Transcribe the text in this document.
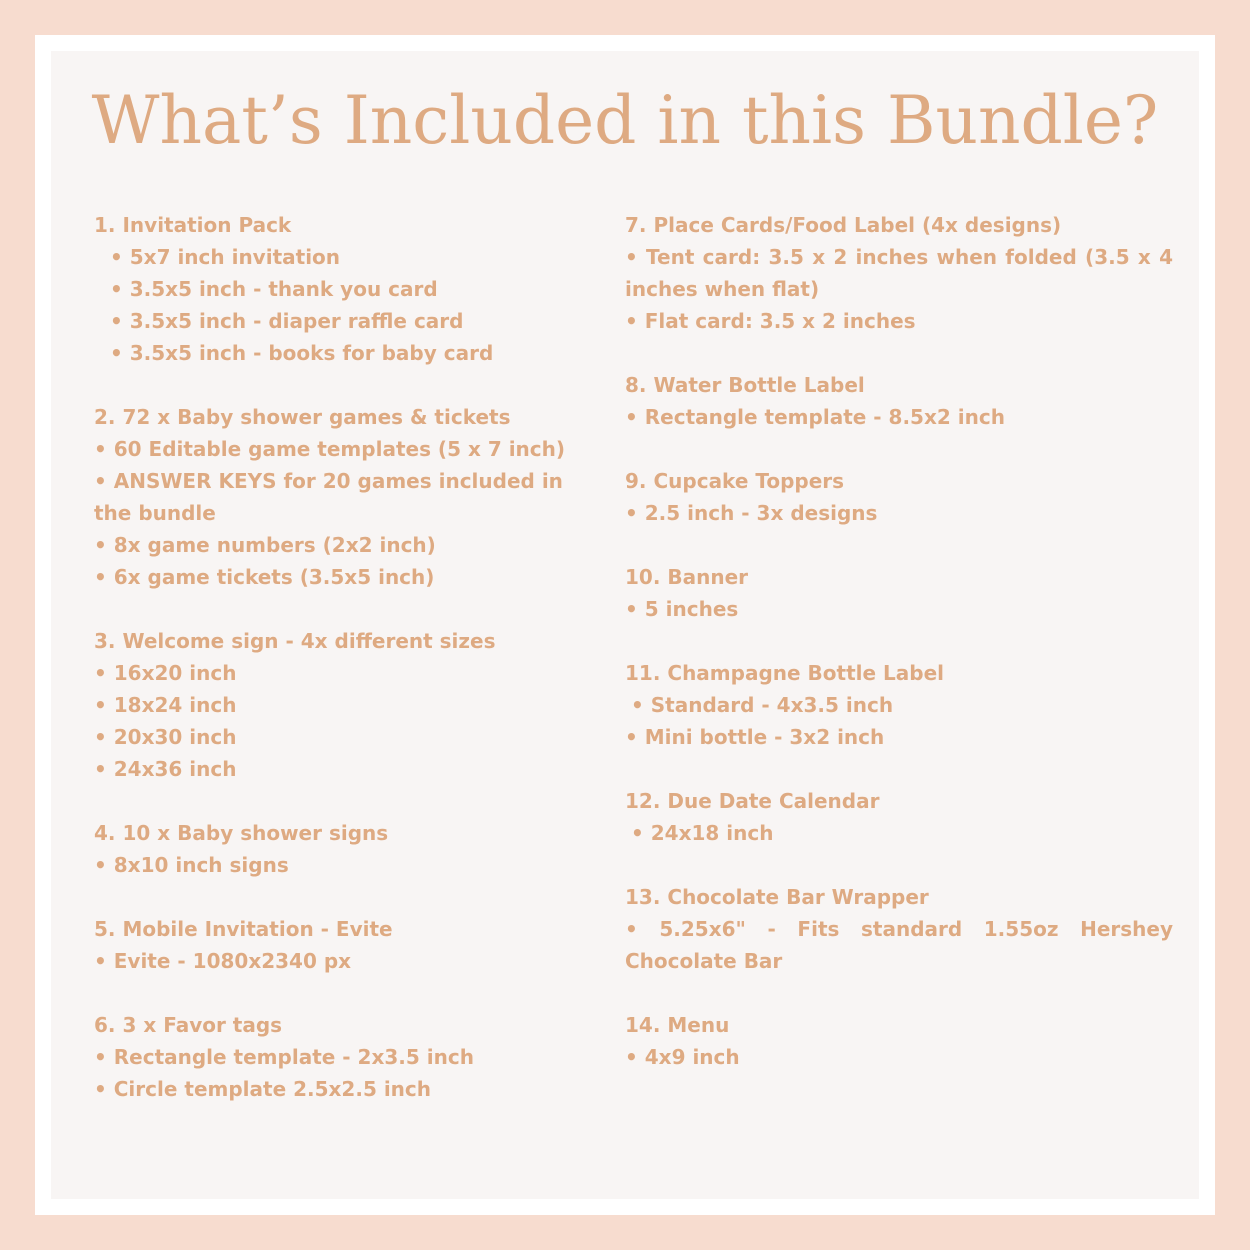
What’s Included in this Bundle?

1. Invitation Pack

• 5x7 inch invitation

• 3.5x5 inch - thank you card

• 3.5x5 inch - diaper raffle card

• 3.5x5 inch - books for baby card

2. 72 x Baby shower games & tickets

• 60 Editable game templates (5 x 7 inch)

• ANSWER KEYS for 20 games included in the bundle

• 8x game numbers (2x2 inch)

• 6x game tickets (3.5x5 inch)

3. Welcome sign - 4x different sizes

• 16x20 inch

• 18x24 inch

• 20x30 inch

• 24x36 inch

4. 10 x Baby shower signs

• 8x10 inch signs

5. Mobile Invitation - Evite

• Evite - 1080x2340 px

6. 3 x Favor tags

• Rectangle template - 2x3.5 inch

• Circle template 2.5x2.5 inch

7. Place Cards/Food Label (4x designs)

• Tent card: 3.5 x 2 inches when folded (3.5 x 4 inches when flat)

• Flat card: 3.5 x 2 inches

8. Water Bottle Label

• Rectangle template - 8.5x2 inch

9. Cupcake Toppers

• 2.5 inch - 3x designs

10. Banner

• 5 inches

11. Champagne Bottle Label

• Standard - 4x3.5 inch

• Mini bottle - 3x2 inch

12. Due Date Calendar

• 24x18 inch

13. Chocolate Bar Wrapper

• 5.25x6" - Fits standard 1.55oz Hershey Chocolate Bar

14. Menu

• 4x9 inch
